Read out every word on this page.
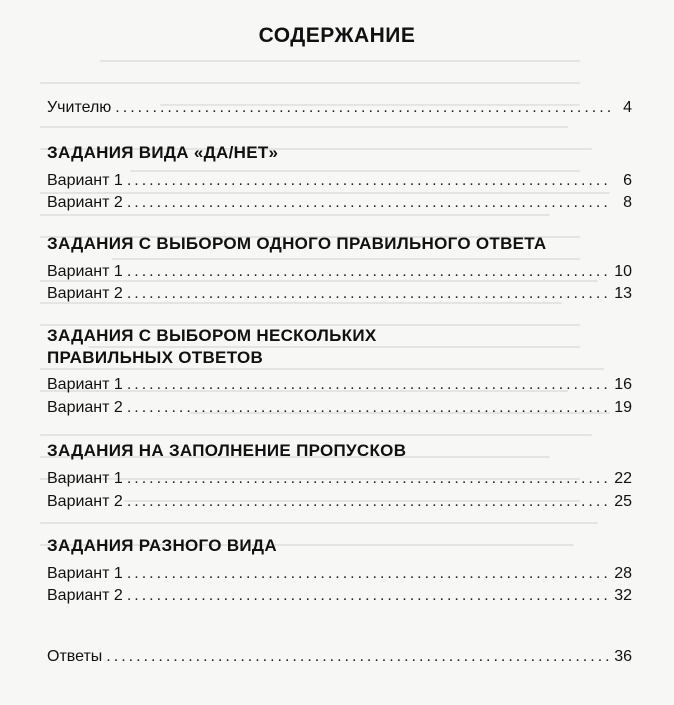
СОДЕРЖАНИЕ
Учителю .....	4
ЗАДАНИЯ ВИДА «ДА/НЕТ»
Вариант 1 .....	6
Вариант 2 .....	8
ЗАДАНИЯ С ВЫБОРОМ ОДНОГО ПРАВИЛЬНОГО ОТВЕТА
Вариант 1 .....	10
Вариант 2 .....	13
ЗАДАНИЯ С ВЫБОРОМ НЕСКОЛЬКИХ
ПРАВИЛЬНЫХ ОТВЕТОВ
Вариант 1 .....	16
Вариант 2 .....	19
ЗАДАНИЯ НА ЗАПОЛНЕНИЕ ПРОПУСКОВ
Вариант 1 .....	22
Вариант 2 .....	25
ЗАДАНИЯ РАЗНОГО ВИДА
Вариант 1 .....	28
Вариант 2 .....	32
Ответы .....	36
